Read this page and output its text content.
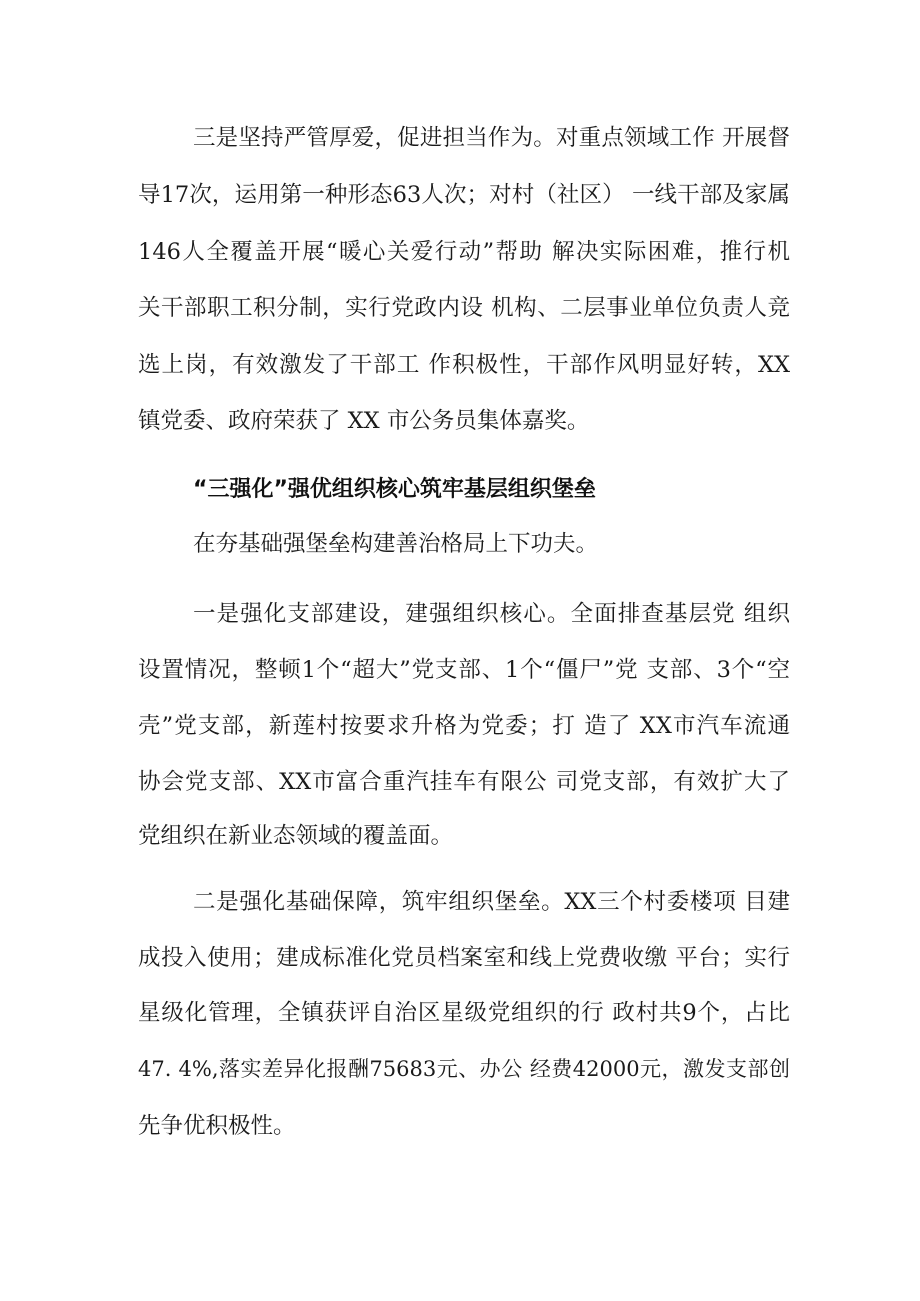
三是坚持严管厚爱，促进担当作为。对重点领域工作 开展督
导17次，运用第一种形态63人次；对村（社区） 一线干部及家属
146人全覆盖开展“暖心关爱行动”帮助 解决实际困难，推行机
关干部职工积分制，实行党政内设 机构、二层事业单位负责人竞
选上岗，有效激发了干部工 作积极性，干部作风明显好转，XX
镇党委、政府荣获了 XX 市公务员集体嘉奖。
“三强化”强优组织核心筑牢基层组织堡垒
在夯基础强堡垒构建善治格局上下功夫。
一是强化支部建设，建强组织核心。全面排查基层党 组织
设置情况，整顿1个“超大”党支部、1个“僵尸”党 支部、3个“空
壳”党支部，新莲村按要求升格为党委；打 造了 XX市汽车流通
协会党支部、XX市富合重汽挂车有限公 司党支部，有效扩大了
党组织在新业态领域的覆盖面。
二是强化基础保障，筑牢组织堡垒。XX三个村委楼项 目建
成投入使用；建成标准化党员档案室和线上党费收缴 平台；实行
星级化管理，全镇获评自治区星级党组织的行 政村共9个，占比
47. 4%,落实差异化报酬75683元、办公 经费42000元，激发支部创
先争优积极性。
